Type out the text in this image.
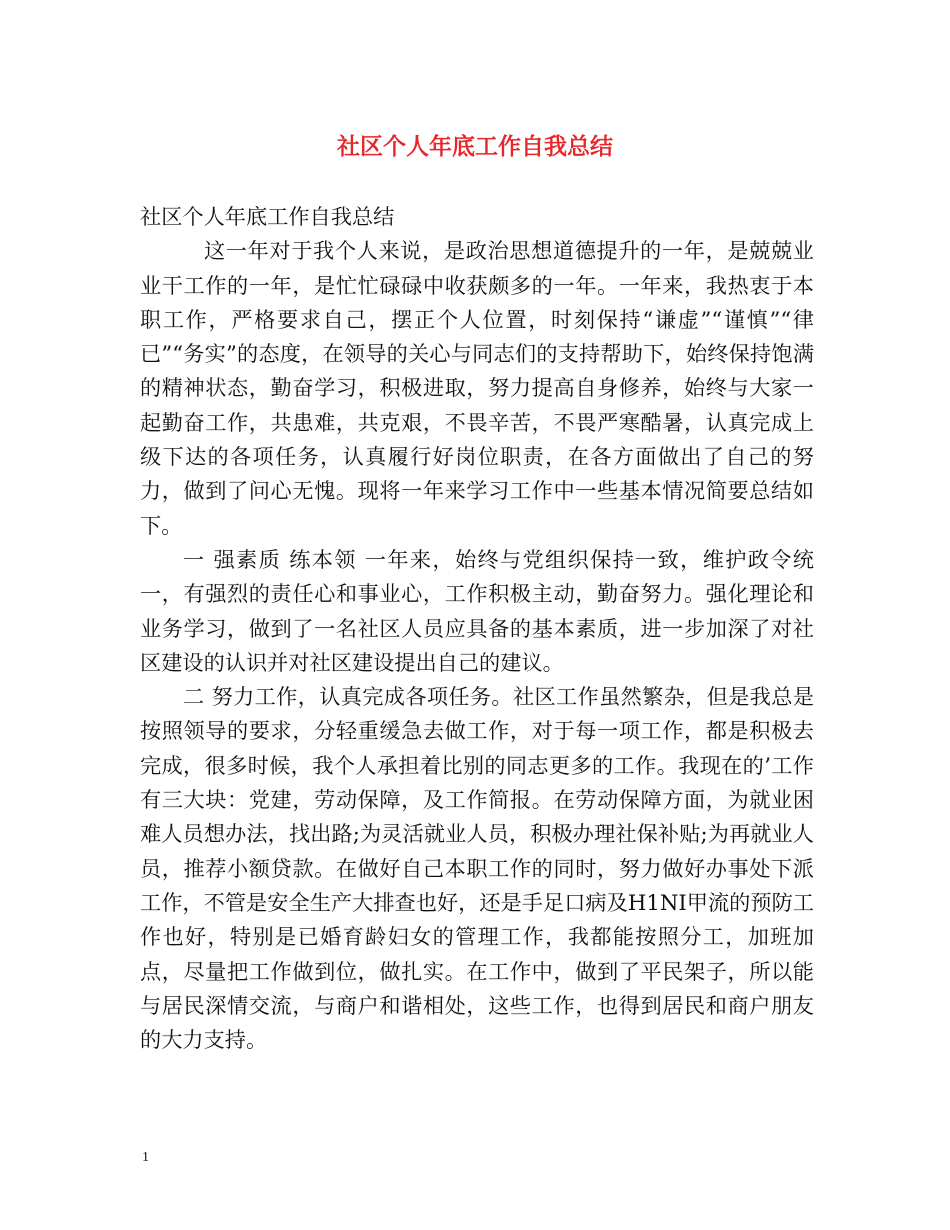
社区个人年底工作自我总结

社区个人年底工作自我总结

这一年对于我个人来说，是政治思想道德提升的一年，是兢兢业业干工作的一年，是忙忙碌碌中收获颇多的一年。一年来，我热衷于本职工作，严格要求自己，摆正个人位置，时刻保持“谦虚”“谨慎”“律已”“务实”的态度，在领导的关心与同志们的支持帮助下，始终保持饱满的精神状态，勤奋学习，积极进取，努力提高自身修养，始终与大家一起勤奋工作，共患难，共克艰，不畏辛苦，不畏严寒酷暑，认真完成上级下达的各项任务，认真履行好岗位职责，在各方面做出了自己的努力，做到了问心无愧。现将一年来学习工作中一些基本情况简要总结如下。

一 强素质 练本领 一年来，始终与党组织保持一致，维护政令统一，有强烈的责任心和事业心，工作积极主动，勤奋努力。强化理论和业务学习，做到了一名社区人员应具备的基本素质，进一步加深了对社区建设的认识并对社区建设提出自己的建议。

二 努力工作，认真完成各项任务。社区工作虽然繁杂，但是我总是按照领导的要求，分轻重缓急去做工作，对于每一项工作，都是积极去完成，很多时候，我个人承担着比别的同志更多的工作。我现在的’工作有三大块：党建，劳动保障，及工作简报。在劳动保障方面，为就业困难人员想办法，找出路;为灵活就业人员，积极办理社保补贴;为再就业人员，推荐小额贷款。在做好自己本职工作的同时，努力做好办事处下派工作，不管是安全生产大排查也好，还是手足口病及H1NI甲流的预防工作也好，特别是已婚育龄妇女的管理工作，我都能按照分工，加班加点，尽量把工作做到位，做扎实。在工作中，做到了平民架子，所以能与居民深情交流，与商户和谐相处，这些工作，也得到居民和商户朋友的大力支持。

1
